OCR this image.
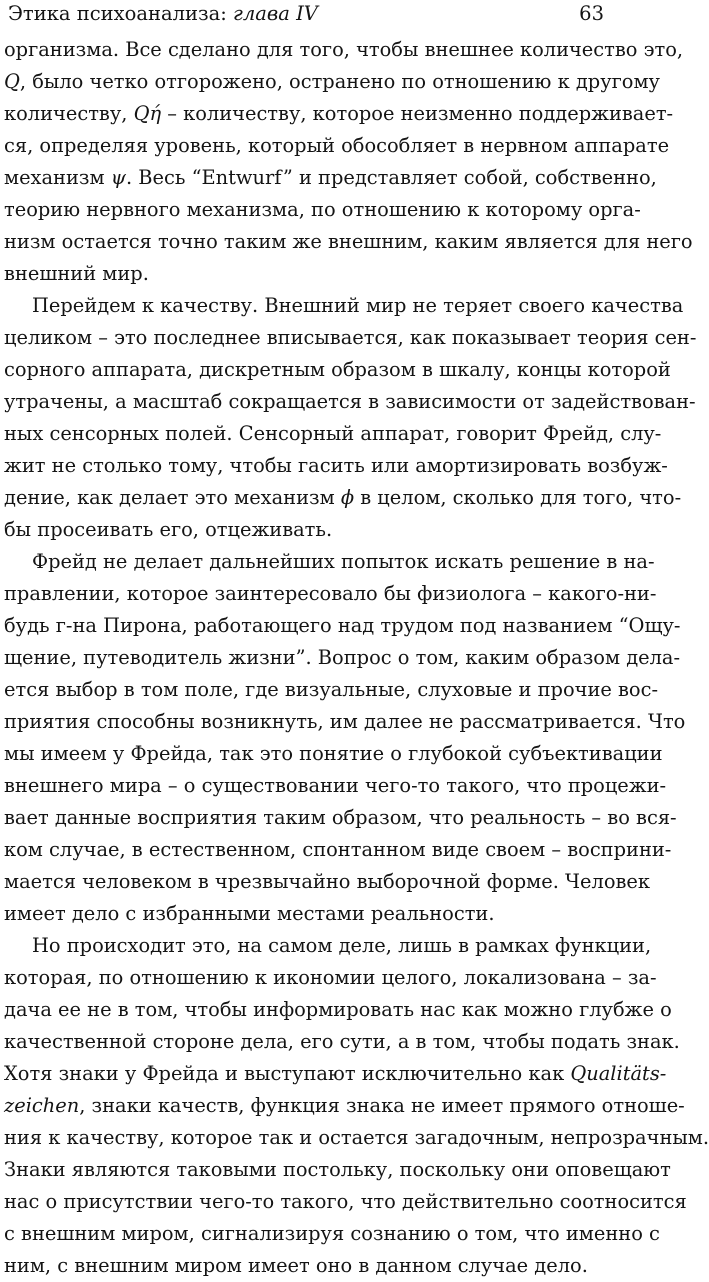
Этика психоанализа: глава IV	63
организма. Все сделано для того, чтобы внешнее количество это,
Q, было четко отгорожено, остранено по отношению к другому
количеству, Qή – количеству, которое неизменно поддерживает-
ся, определяя уровень, который обособляет в нервном аппарате
механизм ψ. Весь “Entwurf” и представляет собой, собственно,
теорию нервного механизма, по отношению к которому орга-
низм остается точно таким же внешним, каким является для него
внешний мир.
Перейдем к качеству. Внешний мир не теряет своего качества
целиком – это последнее вписывается, как показывает теория сен-
сорного аппарата, дискретным образом в шкалу, концы которой
утрачены, а масштаб сокращается в зависимости от задействован-
ных сенсорных полей. Сенсорный аппарат, говорит Фрейд, слу-
жит не столько тому, чтобы гасить или амортизировать возбуж-
дение, как делает это механизм ϕ в целом, сколько для того, что-
бы просеивать его, отцеживать.
Фрейд не делает дальнейших попыток искать решение в на-
правлении, которое заинтересовало бы физиолога – какого-ни-
будь г-на Пирона, работающего над трудом под названием “Ощу-
щение, путеводитель жизни”. Вопрос о том, каким образом дела-
ется выбор в том поле, где визуальные, слуховые и прочие вос-
приятия способны возникнуть, им далее не рассматривается. Что
мы имеем у Фрейда, так это понятие о глубокой субъективации
внешнего мира – о существовании чего-то такого, что процежи-
вает данные восприятия таким образом, что реальность – во вся-
ком случае, в естественном, спонтанном виде своем – восприни-
мается человеком в чрезвычайно выборочной форме. Человек
имеет дело с избранными местами реальности.
Но происходит это, на самом деле, лишь в рамках функции,
которая, по отношению к икономии целого, локализована – за-
дача ее не в том, чтобы информировать нас как можно глубже о
качественной стороне дела, его сути, а в том, чтобы подать знак.
Хотя знаки у Фрейда и выступают исключительно как Qualitäts-
zeichen, знаки качеств, функция знака не имеет прямого отноше-
ния к качеству, которое так и остается загадочным, непрозрачным.
Знаки являются таковыми постольку, поскольку они оповещают
нас о присутствии чего-то такого, что действительно соотносится
с внешним миром, сигнализируя сознанию о том, что именно с
ним, с внешним миром имеет оно в данном случае дело.
